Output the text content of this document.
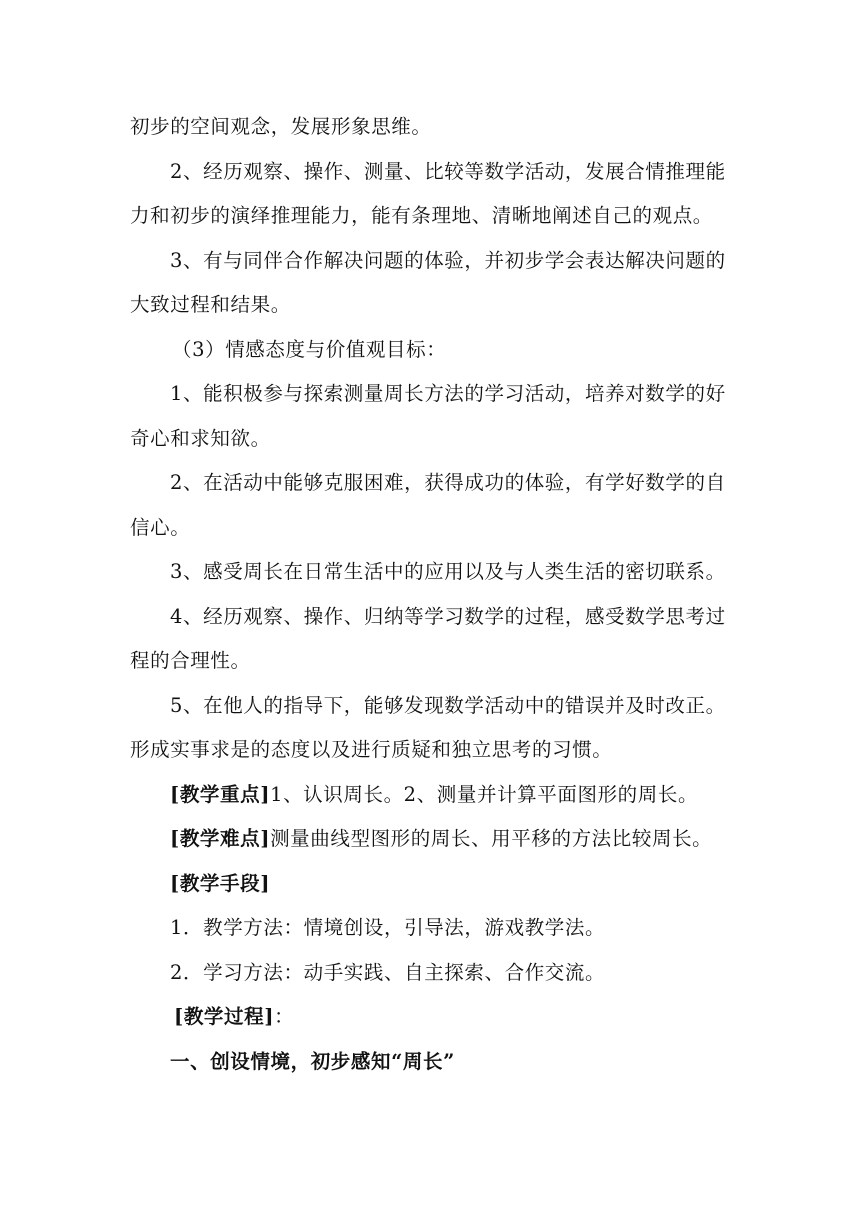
初步的空间观念，发展形象思维。
2、经历观察、操作、测量、比较等数学活动，发展合情推理能
力和初步的演绎推理能力，能有条理地、清晰地阐述自己的观点。
3、有与同伴合作解决问题的体验，并初步学会表达解决问题的
大致过程和结果。
（3）情感态度与价值观目标：
1、能积极参与探索测量周长方法的学习活动，培养对数学的好
奇心和求知欲。
2、在活动中能够克服困难，获得成功的体验，有学好数学的自
信心。
3、感受周长在日常生活中的应用以及与人类生活的密切联系。
4、经历观察、操作、归纳等学习数学的过程，感受数学思考过
程的合理性。
5、在他人的指导下，能够发现数学活动中的错误并及时改正。
形成实事求是的态度以及进行质疑和独立思考的习惯。
[教学重点]1、认识周长。2、测量并计算平面图形的周长。
[教学难点]测量曲线型图形的周长、用平移的方法比较周长。
[教学手段]
1．教学方法：情境创设，引导法，游戏教学法。
2．学习方法：动手实践、自主探索、合作交流。
[教学过程]：
一、创设情境，初步感知“周长”
